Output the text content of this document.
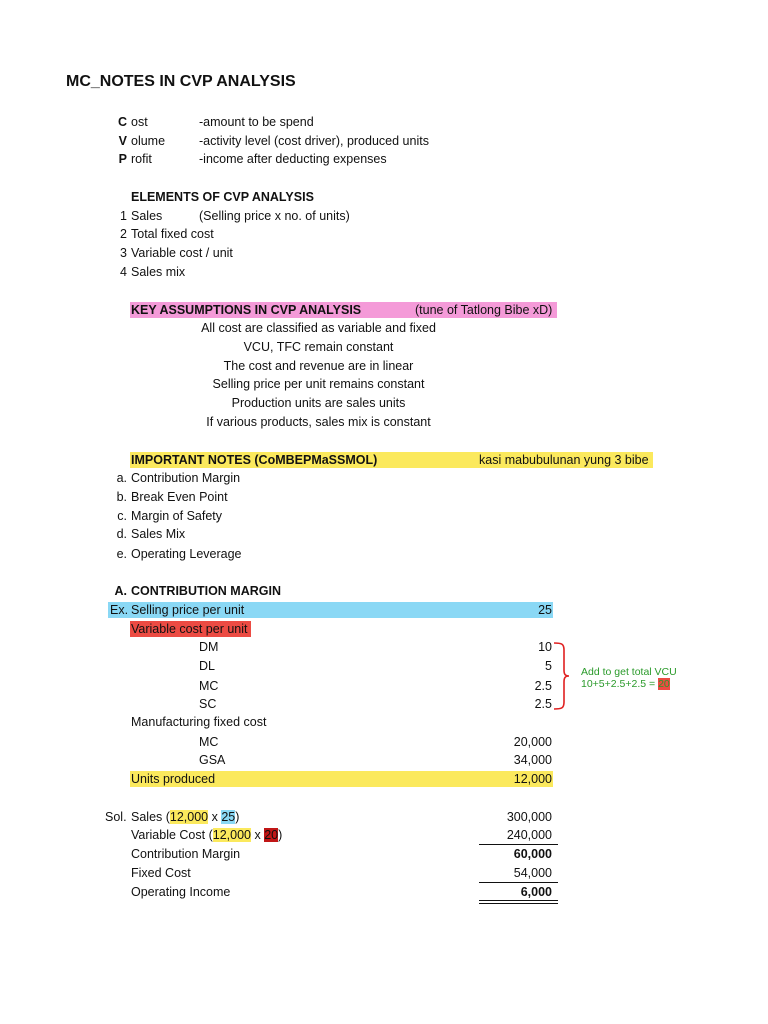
MC_NOTES IN CVP ANALYSIS
C ost	-amount to be spend
V olume	-activity level (cost driver), produced units
P rofit	-income after deducting expenses
ELEMENTS OF CVP ANALYSIS
1 Sales	(Selling price x no. of units)
2 Total fixed cost
3 Variable cost / unit
4 Sales mix
KEY ASSUMPTIONS IN CVP ANALYSIS	(tune of Tatlong Bibe xD)
All cost are classified as variable and fixed
VCU, TFC remain constant
The cost and revenue are in linear
Selling price per unit remains constant
Production units are sales units
If various products, sales mix is constant
IMPORTANT NOTES (CoMBEPMaSSMOL)	kasi mabubulunan yung 3 bibe
a. Contribution Margin
b. Break Even Point
c. Margin of Safety
d. Sales Mix
e. Operating Leverage
A. CONTRIBUTION MARGIN
Ex. Selling price per unit	25
Variable cost per unit
DM	10
DL	5
MC	2.5
SC	2.5
Add to get total VCU
10+5+2.5+2.5 = 20
Manufacturing fixed cost
MC	20,000
GSA	34,000
Units produced	12,000
Sol. Sales (12,000 x 25)	300,000
Variable Cost (12,000 x 20)	240,000
Contribution Margin	60,000
Fixed Cost	54,000
Operating Income	6,000
